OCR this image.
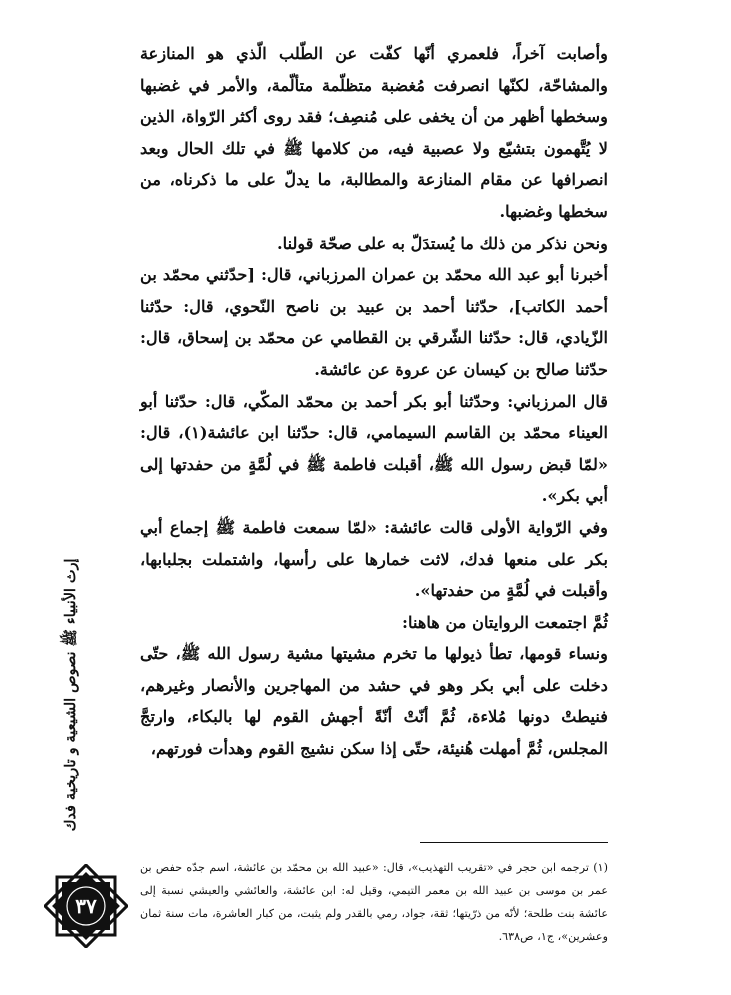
وأصابت آخراً، فلعمري أنّها كفّت عن الطّلب الّذي هو المنازعة والمشاحّة، لكنّها انصرفت مُغضبة متظلّمة متألّمة، والأمر في غضبها وسخطها أظهر من أن يخفى على مُنصِف؛ فقد روى أكثر الرّواة، الذين لا يُتَّهمون بتشيّع ولا عصبية فيه، من كلامها ﷺ في تلك الحال وبعد انصرافها عن مقام المنازعة والمطالبة، ما يدلّ على ما ذكرناه، من سخطها وغضبها.

ونحن نذكر من ذلك ما يُستدَلّ به على صحّة قولنا.

أخبرنا أبو عبد الله محمّد بن عمران المرزباني، قال: [حدّثني محمّد بن أحمد الكاتب]، حدّثنا أحمد بن عبيد بن ناصح النّحوي، قال: حدّثنا الزّيادي، قال: حدّثنا الشّرقي بن القطامي عن محمّد بن إسحاق، قال: حدّثنا صالح بن كيسان عن عروة عن عائشة.

قال المرزباني: وحدّثنا أبو بكر أحمد بن محمّد المكّي، قال: حدّثنا أبو العيناء محمّد بن القاسم السيمامي، قال: حدّثنا ابن عائشة(١)، قال: «لمّا قبض رسول الله ﷺ، أقبلت فاطمة ﷺ في لُمَّةٍ من حفدتها إلى أبي بكر».

وفي الرّواية الأولى قالت عائشة: «لمّا سمعت فاطمة ﷺ إجماع أبي بكر على منعها فدك، لاثت خمارها على رأسها، واشتملت بجلبابها، وأقبلت في لُمَّةٍ من حفدتها».

ثُمَّ اجتمعت الروايتان من هاهنا:

ونساء قومها، تطأ ذيولها ما تخرم مشيتها مشية رسول الله ﷺ، حتّى دخلت على أبي بكر وهو في حشد من المهاجرين والأنصار وغيرهم، فنيطتْ دونها مُلاءة، ثُمَّ أنّتْ أنّةً أجهش القوم لها بالبكاء، وارتجَّ المجلس، ثُمَّ أمهلت هُنيئة، حتّى إذا سكن نشيج القوم وهدأت فورتهم،

(١) ترجمه ابن حجر في «تقريب التهذيب»، قال: «عبيد الله بن محمّد بن عائشة، اسم جدّه حفص بن عمر بن موسى بن عبيد الله بن معمر التيمي، وقيل له: ابن عائشة، والعائشي والعيشي نسبة إلى عائشة بنت طلحة؛ لأنّه من ذرّيتها؛ ثقة، جواد، رمي بالقدر ولم يثبت، من كبار العاشرة، مات سنة ثمان وعشرين»، ج١، ص٦٣٨.

إرث الأنبياء ﷺ نصوص الشيعية و تاريخية فدك
٣٧
